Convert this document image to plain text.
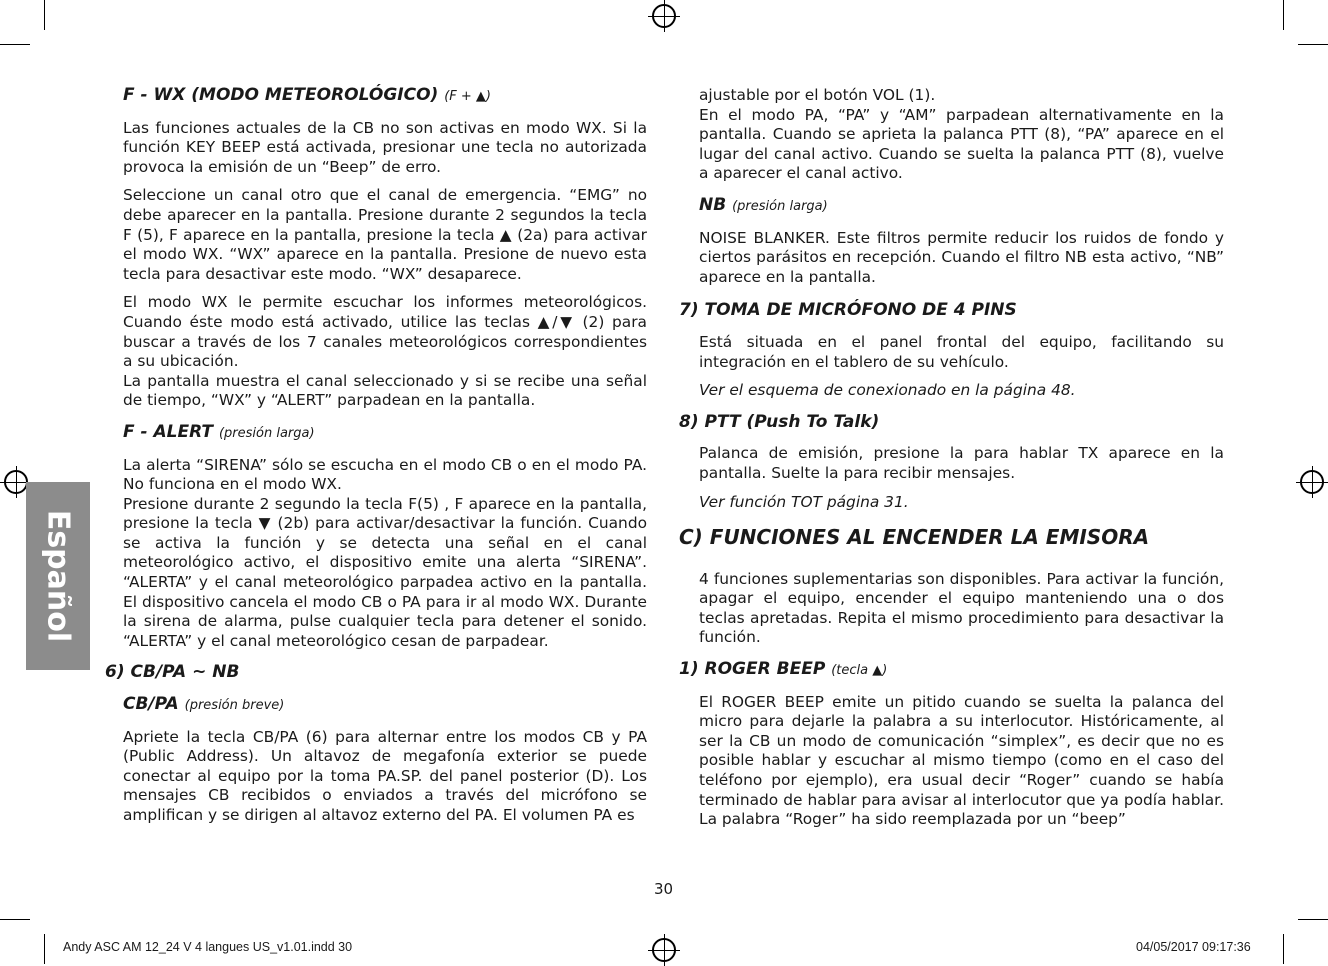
Español
F - WX (MODO METEOROLÓGICO) (F + ▲)

Las funciones actuales de la CB no son activas en modo WX. Si la función KEY BEEP está activada, presionar une tecla no autorizada provoca la emisión de un “Beep” de erro.

Seleccione un canal otro que el canal de emergencia. “EMG” no debe aparecer en la pantalla. Presione durante 2 segundos la tecla F (5), F aparece en la pantalla, presione la tecla ▲ (2a) para activar el modo WX. “WX” aparece en la pantalla. Presione de nuevo esta tecla para desactivar este modo. “WX” desaparece.

El modo WX le permite escuchar los informes meteorológicos. Cuando éste modo está activado, utilice las teclas ▲/▼ (2) para buscar a través de los 7 canales meteorológicos correspondientes a su ubicación.

La pantalla muestra el canal seleccionado y si se recibe una señal de tiempo, “WX” y “ALERT” parpadean en la pantalla.

F - ALERT (presión larga)

La alerta “SIRENA” sólo se escucha en el modo CB o en el modo PA. No funciona en el modo WX.

Presione durante 2 segundo la tecla F(5) , F aparece en la pantalla, presione la tecla ▼ (2b) para activar/desactivar la función. Cuando se activa la función y se detecta una señal en el canal meteorológico activo, el dispositivo emite una alerta “SIRENA”. “ALERTA” y el canal meteorológico parpadea activo en la pantalla. El dispositivo cancela el modo CB o PA para ir al modo WX. Durante la sirena de alarma, pulse cualquier tecla para detener el sonido. “ALERTA” y el canal meteorológico cesan de parpadear.

6) CB/PA ~ NB
CB/PA (presión breve)

Apriete la tecla CB/PA (6) para alternar entre los modos CB y PA (Public Address). Un altavoz de megafonía exterior se puede conectar al equipo por la toma PA.SP. del panel posterior (D). Los mensajes CB recibidos o enviados a través del micrófono se amplifican y se dirigen al altavoz externo del PA. El volumen PA es

ajustable por el botón VOL (1).

En el modo PA, “PA” y “AM” parpadean alternativamente en la pantalla. Cuando se aprieta la palanca PTT (8), “PA” aparece en el lugar del canal activo. Cuando se suelta la palanca PTT (8), vuelve a aparecer el canal activo.

NB (presión larga)

NOISE BLANKER. Este filtros permite reducir los ruidos de fondo y ciertos parásitos en recepción. Cuando el filtro NB esta activo, “NB” aparece en la pantalla.

7) TOMA DE MICRÓFONO DE 4 PINS

Está situada en el panel frontal del equipo, facilitando su integración en el tablero de su vehículo.

Ver el esquema de conexionado en la página 48.

8) PTT (Push To Talk)

Palanca de emisión, presione la para hablar TX aparece en la pantalla. Suelte la para recibir mensajes.

Ver función TOT página 31.

C) FUNCIONES AL ENCENDER LA EMISORA

4 funciones suplementarias son disponibles. Para activar la función, apagar el equipo, encender el equipo manteniendo una o dos teclas apretadas. Repita el mismo procedimiento para desactivar la función.

1) ROGER BEEP (tecla ▲)

El ROGER BEEP emite un pitido cuando se suelta la palanca del micro para dejarle la palabra a su interlocutor. Históricamente, al ser la CB un modo de comunicación “simplex”, es decir que no es posible hablar y escuchar al mismo tiempo (como en el caso del teléfono por ejemplo), era usual decir “Roger” cuando se había terminado de hablar para avisar al interlocutor que ya podía hablar. La palabra “Roger” ha sido reemplazada por un “beep”

30
Andy ASC AM 12_24 V 4 langues US_v1.01.indd 30	04/05/2017 09:17:36
